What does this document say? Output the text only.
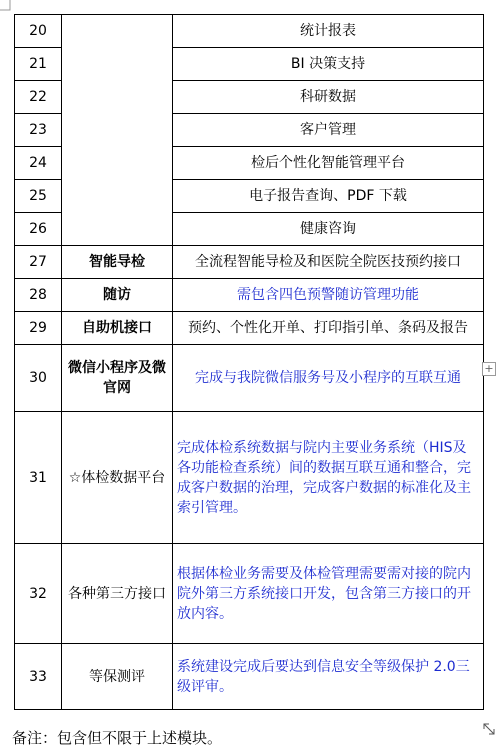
20		统计报表
21		BI 决策支持
22		科研数据
23		客户管理
24		检后个性化智能管理平台
25		电子报告查询、PDF 下载
26		健康咨询
27	智能导检	全流程智能导检及和医院全院医技预约接口
28	随访	需包含四色预警随访管理功能
29	自助机接口	预约、个性化开单、打印指引单、条码及报告
30	微信小程序及微官网	完成与我院微信服务号及小程序的互联互通
31	☆体检数据平台	完成体检系统数据与院内主要业务系统（HIS及各功能检查系统）间的数据互联互通和整合，完成客户数据的治理，完成客户数据的标准化及主索引管理。
32	各种第三方接口	根据体检业务需要及体检管理需要需对接的院内院外第三方系统接口开发，包含第三方接口的开放内容。
33	等保测评	系统建设完成后要达到信息安全等级保护 2.0三级评审。
+
备注：包含但不限于上述模块。
